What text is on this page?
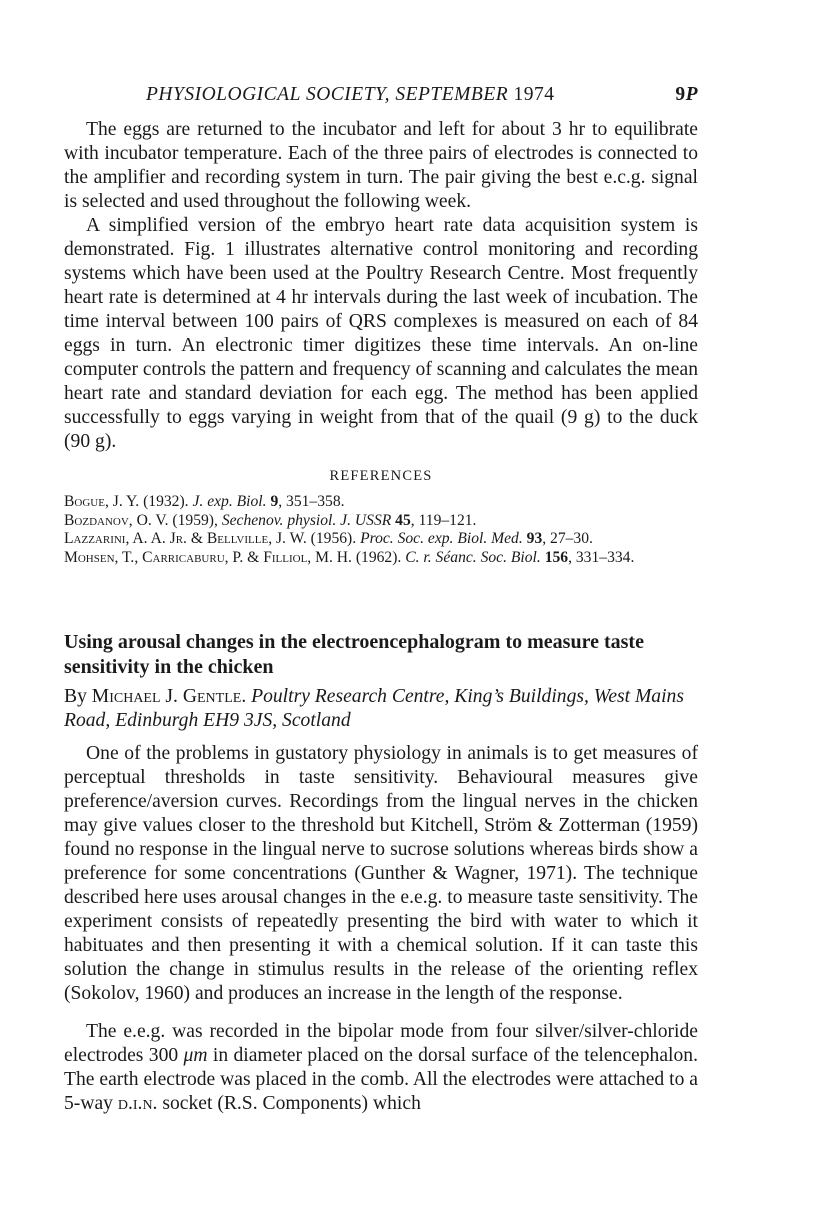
PHYSIOLOGICAL SOCIETY, SEPTEMBER 1974	9P

The eggs are returned to the incubator and left for about 3 hr to equilibrate with incubator temperature. Each of the three pairs of electrodes is connected to the amplifier and recording system in turn. The pair giving the best e.c.g. signal is selected and used throughout the following week.

A simplified version of the embryo heart rate data acquisition system is demonstrated. Fig. 1 illustrates alternative control monitoring and recording systems which have been used at the Poultry Research Centre. Most frequently heart rate is determined at 4 hr intervals during the last week of incubation. The time interval between 100 pairs of QRS complexes is measured on each of 84 eggs in turn. An electronic timer digitizes these time intervals. An on-line computer controls the pattern and frequency of scanning and calculates the mean heart rate and standard deviation for each egg. The method has been applied successfully to eggs varying in weight from that of the quail (9 g) to the duck (90 g).

REFERENCES

Bogue, J. Y. (1932). J. exp. Biol. 9, 351–358.

Bozdanov, O. V. (1959), Sechenov. physiol. J. USSR 45, 119–121.

Lazzarini, A. A. Jr. & Bellville, J. W. (1956). Proc. Soc. exp. Biol. Med. 93, 27–30.

Mohsen, T., Carricaburu, P. & Filliol, M. H. (1962). C. r. Séanc. Soc. Biol. 156, 331–334.

Using arousal changes in the electroencephalogram to measure taste sensitivity in the chicken
By Michael J. Gentle. Poultry Research Centre, King’s Buildings, West Mains Road, Edinburgh EH9 3JS, Scotland

One of the problems in gustatory physiology in animals is to get measures of perceptual thresholds in taste sensitivity. Behavioural measures give preference/aversion curves. Recordings from the lingual nerves in the chicken may give values closer to the threshold but Kitchell, Ström & Zotterman (1959) found no response in the lingual nerve to sucrose solutions whereas birds show a preference for some concentrations (Gunther & Wagner, 1971). The technique described here uses arousal changes in the e.e.g. to measure taste sensitivity. The experiment consists of repeatedly presenting the bird with water to which it habituates and then presenting it with a chemical solution. If it can taste this solution the change in stimulus results in the release of the orienting reflex (Sokolov, 1960) and produces an increase in the length of the response.

The e.e.g. was recorded in the bipolar mode from four silver/silver-chloride electrodes 300 μm in diameter placed on the dorsal surface of the telencephalon. The earth electrode was placed in the comb. All the electrodes were attached to a 5-way d.i.n. socket (R.S. Components) which
